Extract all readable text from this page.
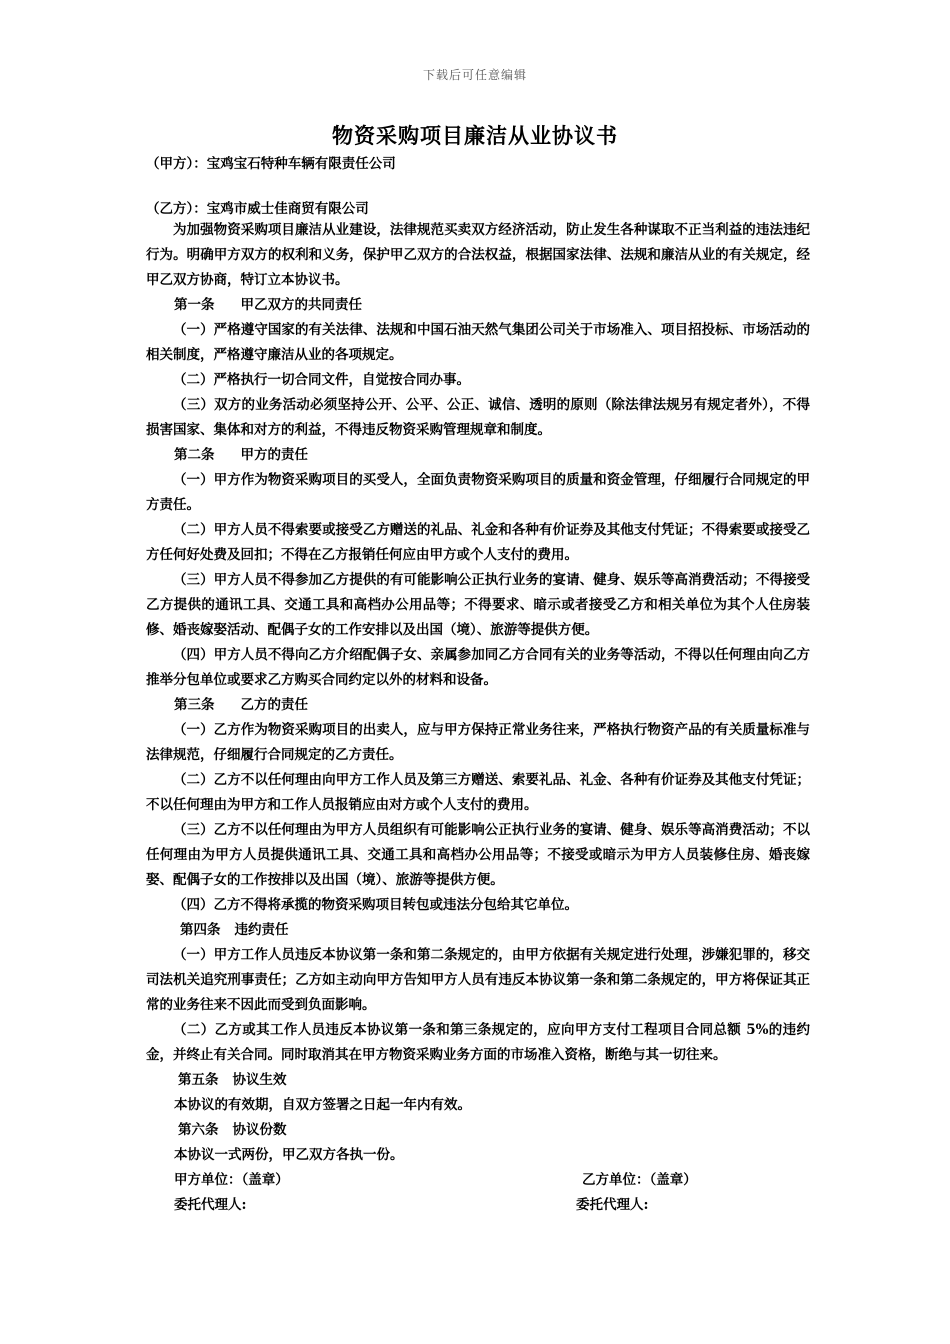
下载后可任意编辑
物资采购项目廉洁从业协议书
（甲方）：宝鸡宝石特种车辆有限责任公司
（乙方）：宝鸡市威士佳商贸有限公司

为加强物资采购项目廉洁从业建设，法律规范买卖双方经济活动，防止发生各种谋取不正当利益的违法违纪行为。明确甲方双方的权利和义务，保护甲乙双方的合法权益，根据国家法律、法规和廉洁从业的有关规定，经甲乙双方协商，特订立本协议书。

第一条 甲乙双方的共同责任

（一）严格遵守国家的有关法律、法规和中国石油天然气集团公司关于市场准入、项目招投标、市场活动的相关制度，严格遵守廉洁从业的各项规定。

（二）严格执行一切合同文件，自觉按合同办事。

（三）双方的业务活动必须坚持公开、公平、公正、诚信、透明的原则（除法律法规另有规定者外），不得损害国家、集体和对方的利益，不得违反物资采购管理规章和制度。

第二条 甲方的责任

（一）甲方作为物资采购项目的买受人，全面负责物资采购项目的质量和资金管理，仔细履行合同规定的甲方责任。

（二）甲方人员不得索要或接受乙方赠送的礼品、礼金和各种有价证券及其他支付凭证；不得索要或接受乙方任何好处费及回扣；不得在乙方报销任何应由甲方或个人支付的费用。

（三）甲方人员不得参加乙方提供的有可能影响公正执行业务的宴请、健身、娱乐等高消费活动；不得接受乙方提供的通讯工具、交通工具和高档办公用品等；不得要求、暗示或者接受乙方和相关单位为其个人住房装修、婚丧嫁娶活动、配偶子女的工作安排以及出国（境）、旅游等提供方便。

（四）甲方人员不得向乙方介绍配偶子女、亲属参加同乙方合同有关的业务等活动，不得以任何理由向乙方推举分包单位或要求乙方购买合同约定以外的材料和设备。

第三条 乙方的责任

（一）乙方作为物资采购项目的出卖人，应与甲方保持正常业务往来，严格执行物资产品的有关质量标准与法律规范，仔细履行合同规定的乙方责任。

（二）乙方不以任何理由向甲方工作人员及第三方赠送、索要礼品、礼金、各种有价证券及其他支付凭证；不以任何理由为甲方和工作人员报销应由对方或个人支付的费用。

（三）乙方不以任何理由为甲方人员组织有可能影响公正执行业务的宴请、健身、娱乐等高消费活动；不以任何理由为甲方人员提供通讯工具、交通工具和高档办公用品等；不接受或暗示为甲方人员装修住房、婚丧嫁娶、配偶子女的工作按排以及出国（境）、旅游等提供方便。

（四）乙方不得将承揽的物资采购项目转包或违法分包给其它单位。

第四条 违约责任

（一）甲方工作人员违反本协议第一条和第二条规定的，由甲方依据有关规定进行处理，涉嫌犯罪的，移交司法机关追究刑事责任；乙方如主动向甲方告知甲方人员有违反本协议第一条和第二条规定的，甲方将保证其正常的业务往来不因此而受到负面影响。

（二）乙方或其工作人员违反本协议第一条和第三条规定的，应向甲方支付工程项目合同总额 5%的违约金，并终止有关合同。同时取消其在甲方物资采购业务方面的市场准入资格，断绝与其一切往来。

第五条 协议生效

本协议的有效期，自双方签署之日起一年内有效。

第六条 协议份数

本协议一式两份，甲乙双方各执一份。

甲方单位：（盖章）	乙方单位：（盖章）
委托代理人:	委托代理人:
